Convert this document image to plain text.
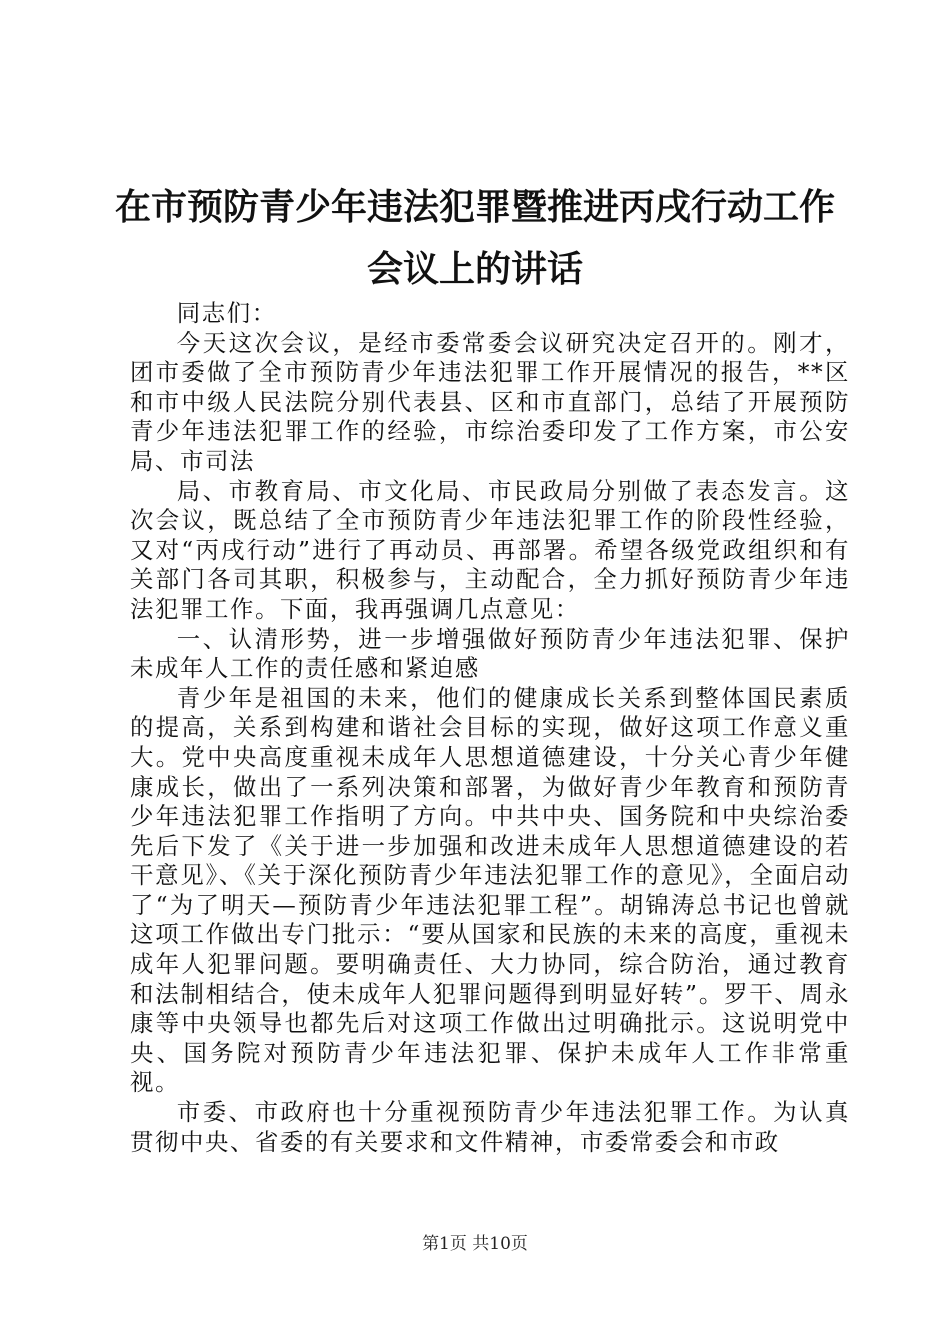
在市预防青少年违法犯罪暨推进丙戌行动工作
会议上的讲话

同志们：

今天这次会议，是经市委常委会议研究决定召开的。刚才，团市委做了全市预防青少年违法犯罪工作开展情况的报告，**区和市中级人民法院分别代表县、区和市直部门，总结了开展预防青少年违法犯罪工作的经验，市综治委印发了工作方案，市公安局、市司法

局、市教育局、市文化局、市民政局分别做了表态发言。这次会议，既总结了全市预防青少年违法犯罪工作的阶段性经验，又对“丙戌行动”进行了再动员、再部署。希望各级党政组织和有关部门各司其职，积极参与，主动配合，全力抓好预防青少年违法犯罪工作。下面，我再强调几点意见：

一、认清形势，进一步增强做好预防青少年违法犯罪、保护未成年人工作的责任感和紧迫感

青少年是祖国的未来，他们的健康成长关系到整体国民素质的提高，关系到构建和谐社会目标的实现，做好这项工作意义重大。党中央高度重视未成年人思想道德建设，十分关心青少年健康成长，做出了一系列决策和部署，为做好青少年教育和预防青少年违法犯罪工作指明了方向。中共中央、国务院和中央综治委先后下发了《关于进一步加强和改进未成年人思想道德建设的若干意见》、《关于深化预防青少年违法犯罪工作的意见》，全面启动了“为了明天—预防青少年违法犯罪工程”。胡锦涛总书记也曾就这项工作做出专门批示：“要从国家和民族的未来的高度，重视未成年人犯罪问题。要明确责任、大力协同，综合防治，通过教育和法制相结合，使未成年人犯罪问题得到明显好转”。罗干、周永康等中央领导也都先后对这项工作做出过明确批示。这说明党中央、国务院对预防青少年违法犯罪、保护未成年人工作非常重视。

市委、市政府也十分重视预防青少年违法犯罪工作。为认真贯彻中央、省委的有关要求和文件精神，市委常委会和市政

第1页 共10页
